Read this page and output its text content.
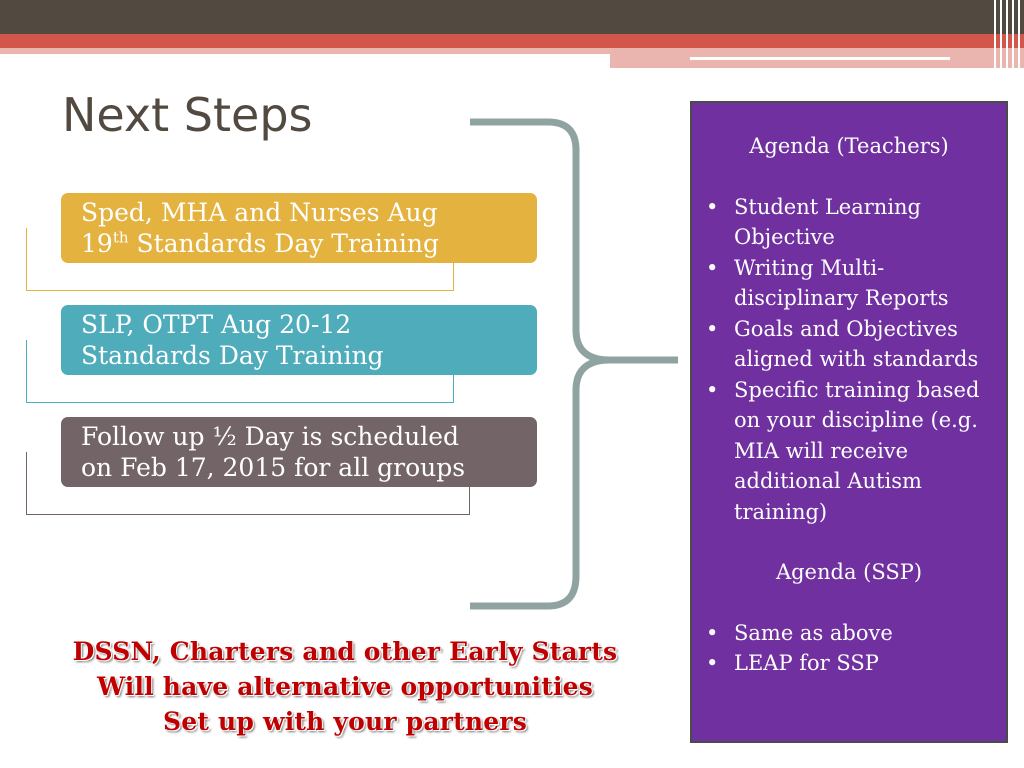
Next Steps
Sped, MHA and Nurses Aug
19th Standards Day Training
SLP, OTPT Aug 20-12
Standards Day Training
Follow up ½ Day is scheduled
on Feb 17, 2015 for all groups

Agenda (Teachers)

• Student Learning Objective
• Writing Multi-disciplinary Reports
• Goals and Objectives aligned with standards
• Specific training based on your discipline (e.g. MIA will receive additional Autism training)

Agenda (SSP)

• Same as above
• LEAP for SSP
DSSN, Charters and other Early Starts
Will have alternative opportunities
Set up with your partners
